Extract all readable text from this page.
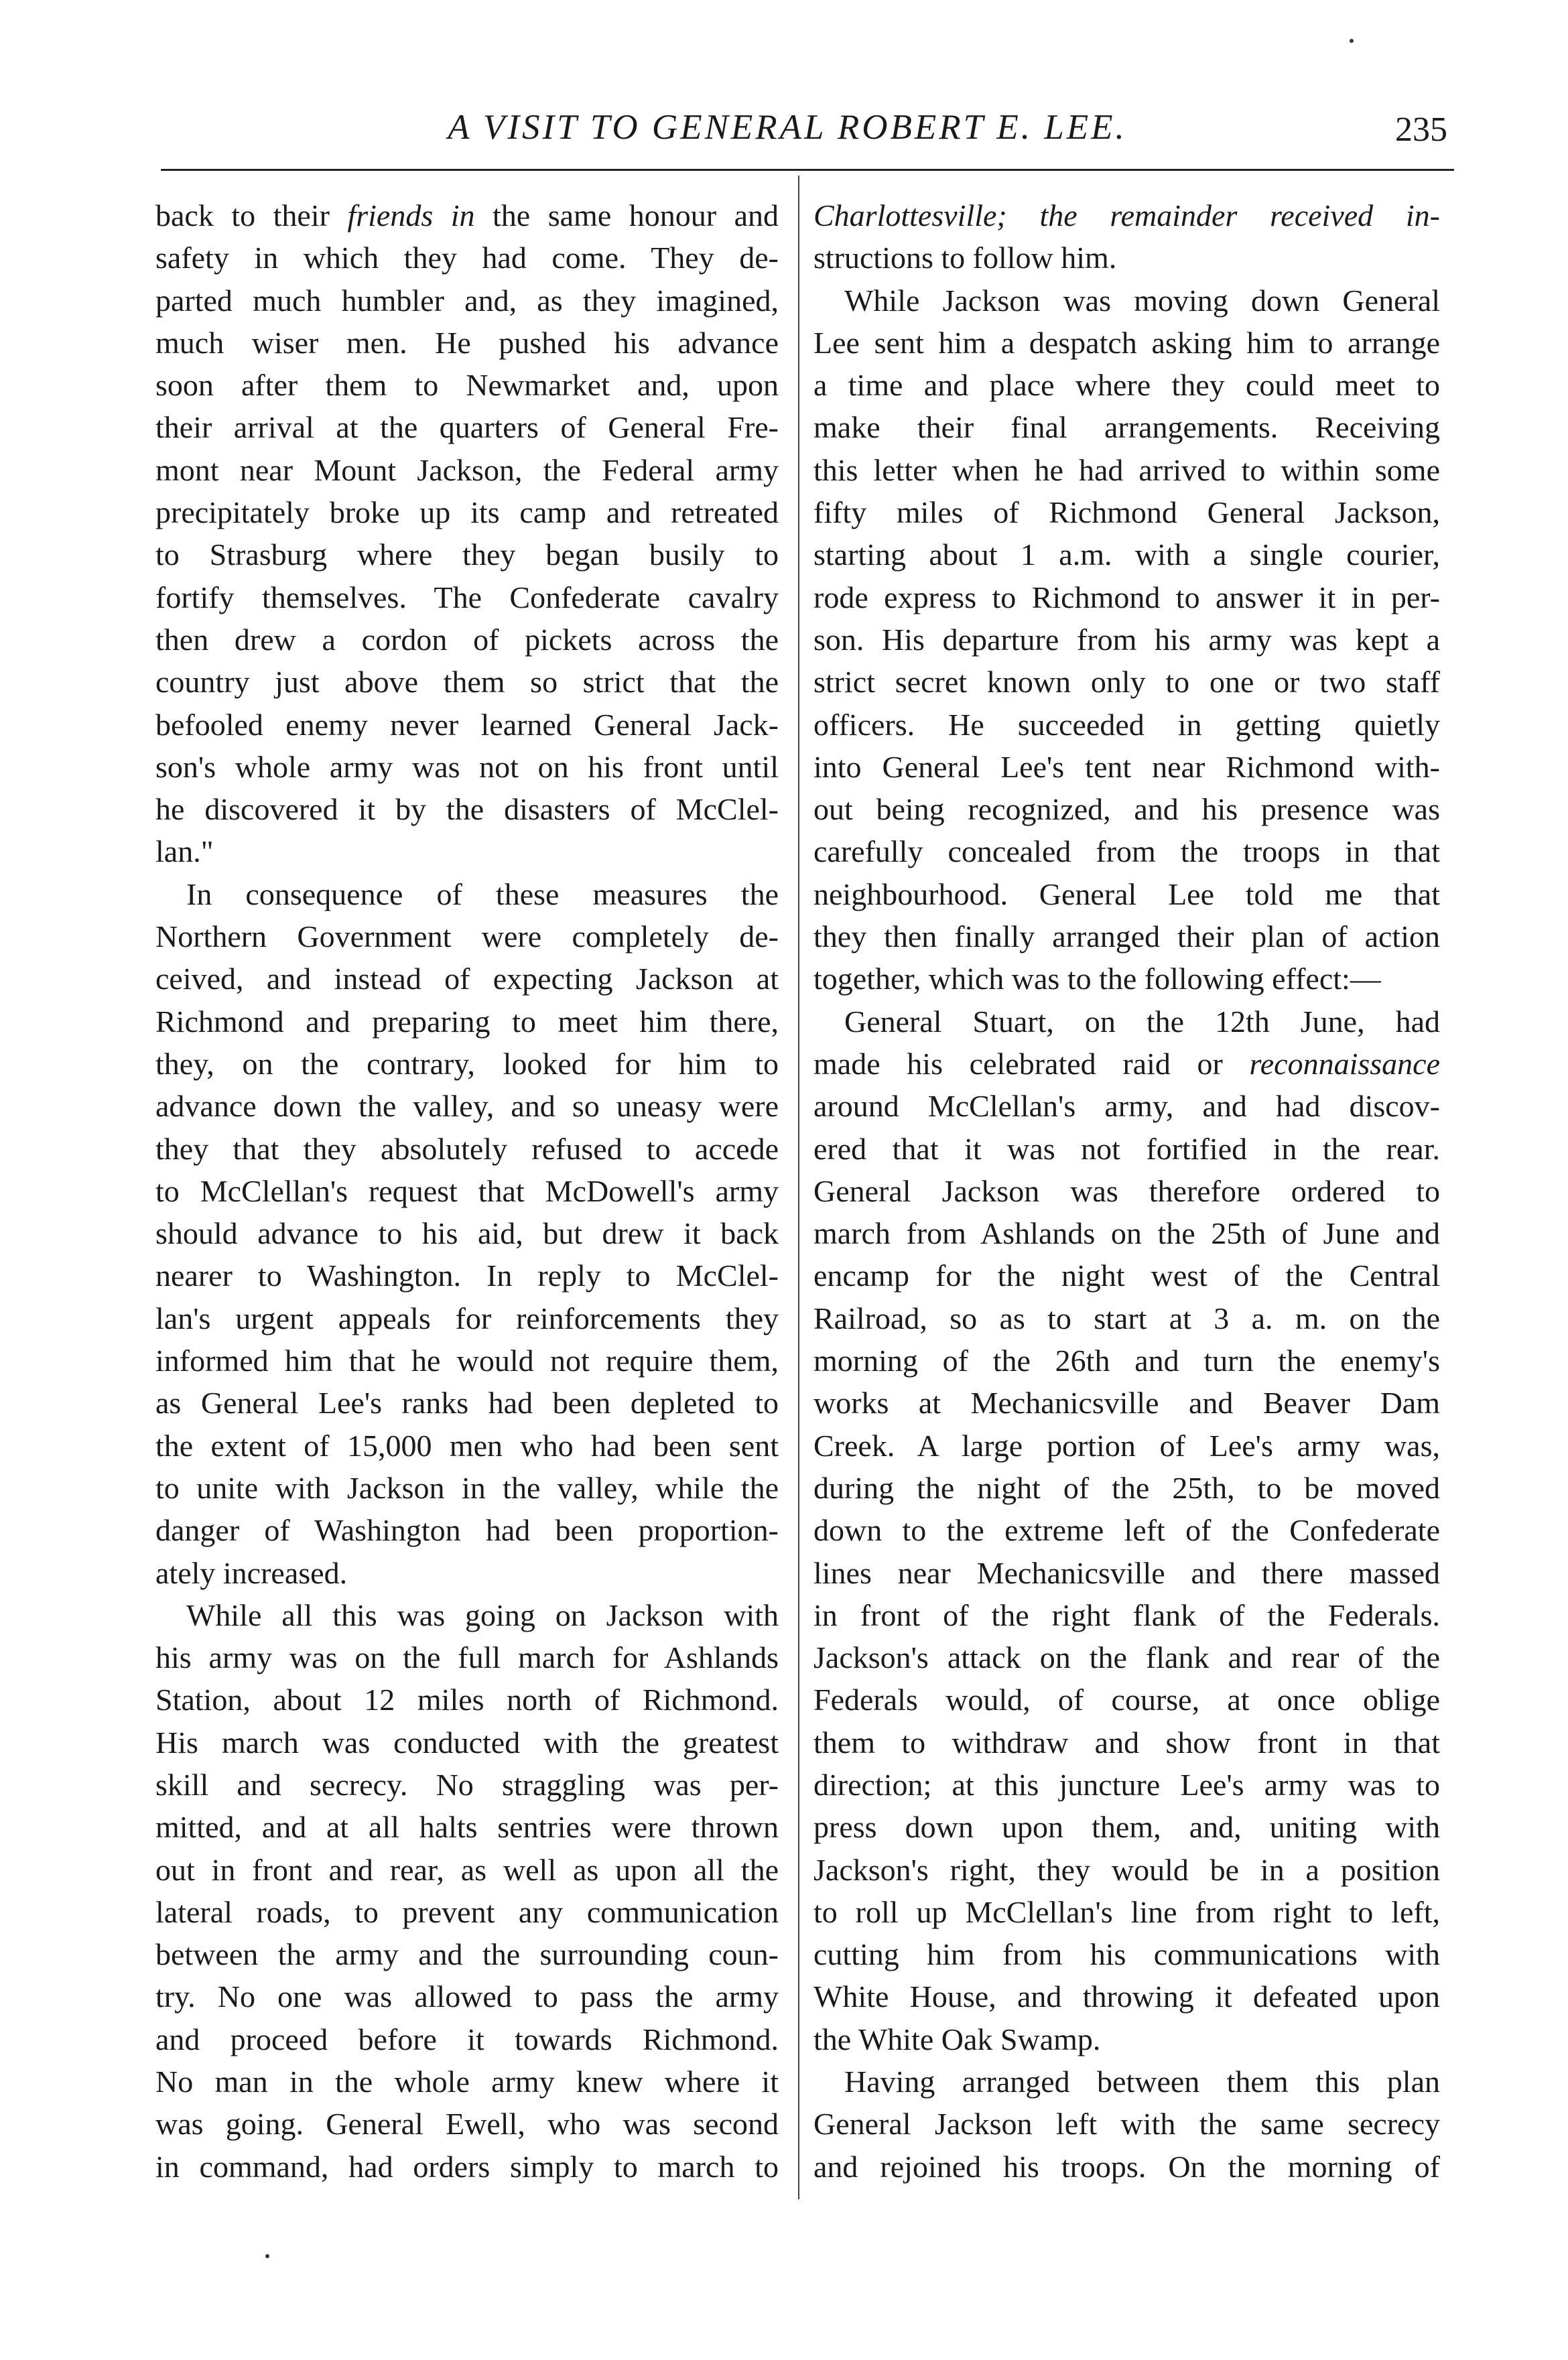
A VISIT TO GENERAL ROBERT E. LEE.	235
back to their friends in the same honour and
safety in which they had come. They de-
parted much humbler and, as they imagined,
much wiser men. He pushed his advance
soon after them to Newmarket and, upon
their arrival at the quarters of General Fre-
mont near Mount Jackson, the Federal army
precipitately broke up its camp and retreated
to Strasburg where they began busily to
fortify themselves. The Confederate cavalry
then drew a cordon of pickets across the
country just above them so strict that the
befooled enemy never learned General Jack-
son's whole army was not on his front until
he discovered it by the disasters of McClel-
lan."
In consequence of these measures the
Northern Government were completely de-
ceived, and instead of expecting Jackson at
Richmond and preparing to meet him there,
they, on the contrary, looked for him to
advance down the valley, and so uneasy were
they that they absolutely refused to accede
to McClellan's request that McDowell's army
should advance to his aid, but drew it back
nearer to Washington. In reply to McClel-
lan's urgent appeals for reinforcements they
informed him that he would not require them,
as General Lee's ranks had been depleted to
the extent of 15,000 men who had been sent
to unite with Jackson in the valley, while the
danger of Washington had been proportion-
ately increased.
While all this was going on Jackson with
his army was on the full march for Ashlands
Station, about 12 miles north of Richmond.
His march was conducted with the greatest
skill and secrecy. No straggling was per-
mitted, and at all halts sentries were thrown
out in front and rear, as well as upon all the
lateral roads, to prevent any communication
between the army and the surrounding coun-
try. No one was allowed to pass the army
and proceed before it towards Richmond.
No man in the whole army knew where it
was going. General Ewell, who was second
in command, had orders simply to march to
Charlottesville; the remainder received in-
structions to follow him.
While Jackson was moving down General
Lee sent him a despatch asking him to arrange
a time and place where they could meet to
make their final arrangements. Receiving
this letter when he had arrived to within some
fifty miles of Richmond General Jackson,
starting about 1 a.m. with a single courier,
rode express to Richmond to answer it in per-
son. His departure from his army was kept a
strict secret known only to one or two staff
officers. He succeeded in getting quietly
into General Lee's tent near Richmond with-
out being recognized, and his presence was
carefully concealed from the troops in that
neighbourhood. General Lee told me that
they then finally arranged their plan of action
together, which was to the following effect:—
General Stuart, on the 12th June, had
made his celebrated raid or reconnaissance
around McClellan's army, and had discov-
ered that it was not fortified in the rear.
General Jackson was therefore ordered to
march from Ashlands on the 25th of June and
encamp for the night west of the Central
Railroad, so as to start at 3 a. m. on the
morning of the 26th and turn the enemy's
works at Mechanicsville and Beaver Dam
Creek. A large portion of Lee's army was,
during the night of the 25th, to be moved
down to the extreme left of the Confederate
lines near Mechanicsville and there massed
in front of the right flank of the Federals.
Jackson's attack on the flank and rear of the
Federals would, of course, at once oblige
them to withdraw and show front in that
direction; at this juncture Lee's army was to
press down upon them, and, uniting with
Jackson's right, they would be in a position
to roll up McClellan's line from right to left,
cutting him from his communications with
White House, and throwing it defeated upon
the White Oak Swamp.
Having arranged between them this plan
General Jackson left with the same secrecy
and rejoined his troops. On the morning of
